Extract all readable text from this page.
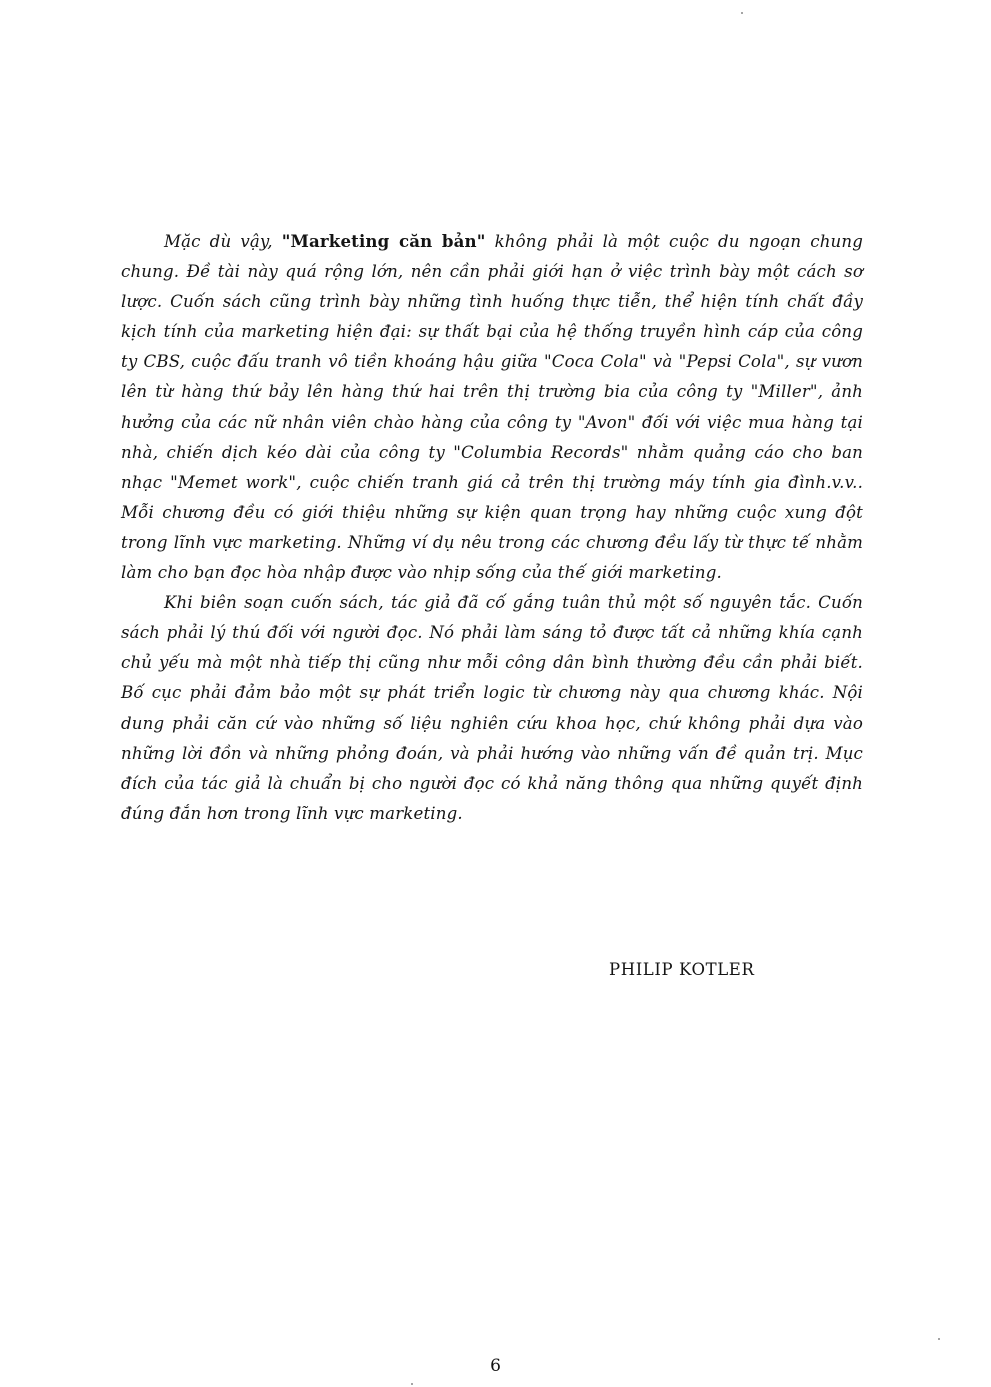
Mặc dù vậy, "Marketing căn bản" không phải là một cuộc du ngoạn chung chung. Đề tài này quá rộng lớn, nên cần phải giới hạn ở việc trình bày một cách sơ lược. Cuốn sách cũng trình bày những tình huống thực tiễn, thể hiện tính chất đầy kịch tính của marketing hiện đại: sự thất bại của hệ thống truyền hình cáp của công ty CBS, cuộc đấu tranh vô tiền khoáng hậu giữa "Coca Cola" và "Pepsi Cola", sự vươn lên từ hàng thứ bảy lên hàng thứ hai trên thị trường bia của công ty "Miller", ảnh hưởng của các nữ nhân viên chào hàng của công ty "Avon" đối với việc mua hàng tại nhà, chiến dịch kéo dài của công ty "Columbia Records" nhằm quảng cáo cho ban nhạc "Memet work", cuộc chiến tranh giá cả trên thị trường máy tính gia đình.v.v.. Mỗi chương đều có giới thiệu những sự kiện quan trọng hay những cuộc xung đột trong lĩnh vực marketing. Những ví dụ nêu trong các chương đều lấy từ thực tế nhằm làm cho bạn đọc hòa nhập được vào nhịp sống của thế giới marketing.

Khi biên soạn cuốn sách, tác giả đã cố gắng tuân thủ một số nguyên tắc. Cuốn sách phải lý thú đối với người đọc. Nó phải làm sáng tỏ được tất cả những khía cạnh chủ yếu mà một nhà tiếp thị cũng như mỗi công dân bình thường đều cần phải biết. Bố cục phải đảm bảo một sự phát triển logic từ chương này qua chương khác. Nội dung phải căn cứ vào những số liệu nghiên cứu khoa học, chứ không phải dựa vào những lời đồn và những phỏng đoán, và phải hướng vào những vấn đề quản trị. Mục đích của tác giả là chuẩn bị cho người đọc có khả năng thông qua những quyết định đúng đắn hơn trong lĩnh vực marketing.

PHILIP KOTLER
6
